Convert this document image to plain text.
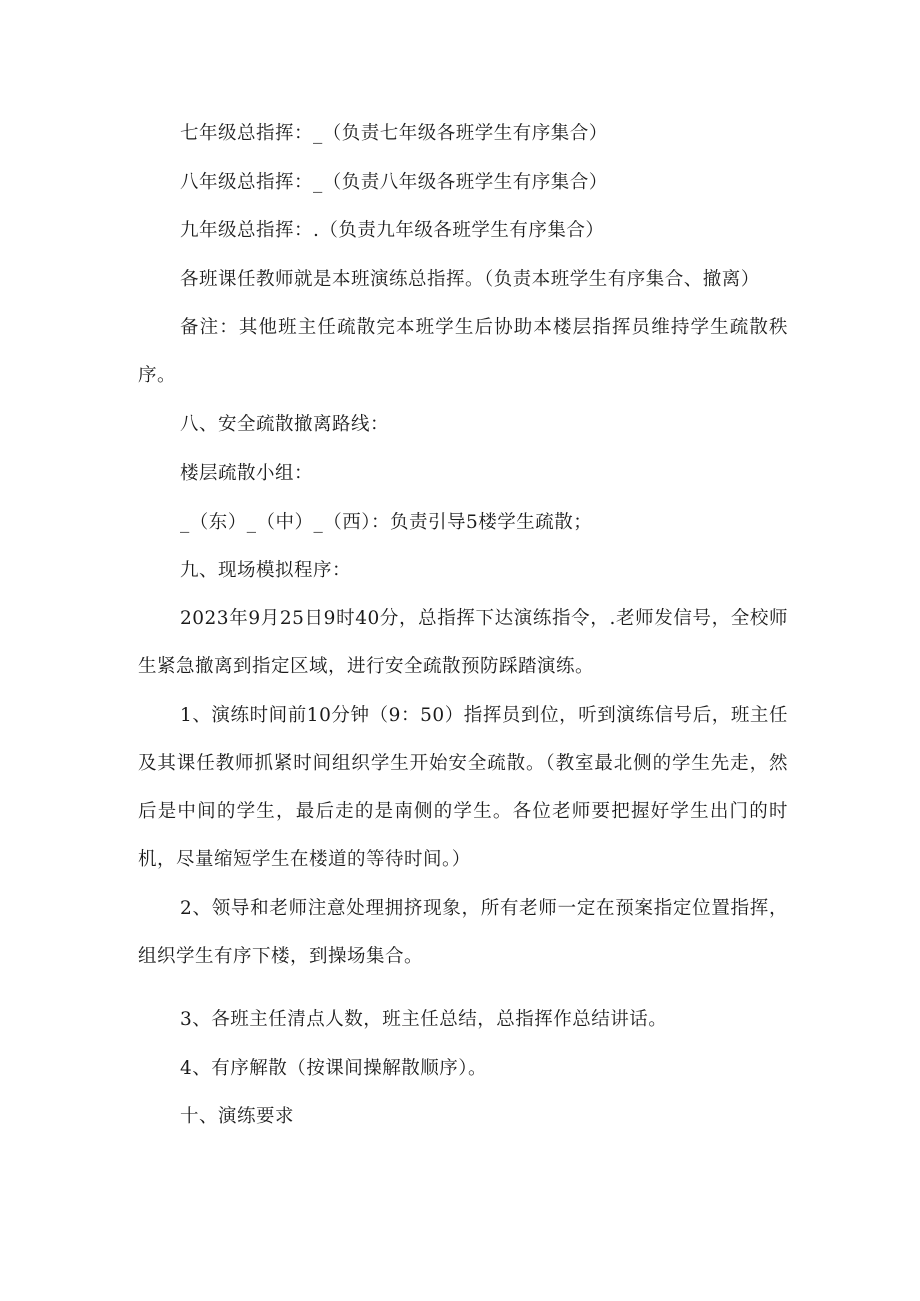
七年级总指挥：_（负责七年级各班学生有序集合）

八年级总指挥：_（负责八年级各班学生有序集合）

九年级总指挥：.（负责九年级各班学生有序集合）

各班课任教师就是本班演练总指挥。（负责本班学生有序集合、撤离）

备注：其他班主任疏散完本班学生后协助本楼层指挥员维持学生疏散秩序。

八、安全疏散撤离路线：

楼层疏散小组：

_（东）_（中）_（西）：负责引导5楼学生疏散；

九、现场模拟程序：

2023年9月25日9时40分，总指挥下达演练指令，.老师发信号，全校师生紧急撤离到指定区域，进行安全疏散预防踩踏演练。

1、演练时间前10分钟（9：50）指挥员到位，听到演练信号后，班主任及其课任教师抓紧时间组织学生开始安全疏散。（教室最北侧的学生先走，然后是中间的学生，最后走的是南侧的学生。各位老师要把握好学生出门的时机，尽量缩短学生在楼道的等待时间。）

2、领导和老师注意处理拥挤现象，所有老师一定在预案指定位置指挥，组织学生有序下楼，到操场集合。

3、各班主任清点人数，班主任总结，总指挥作总结讲话。

4、有序解散（按课间操解散顺序）。

十、演练要求
